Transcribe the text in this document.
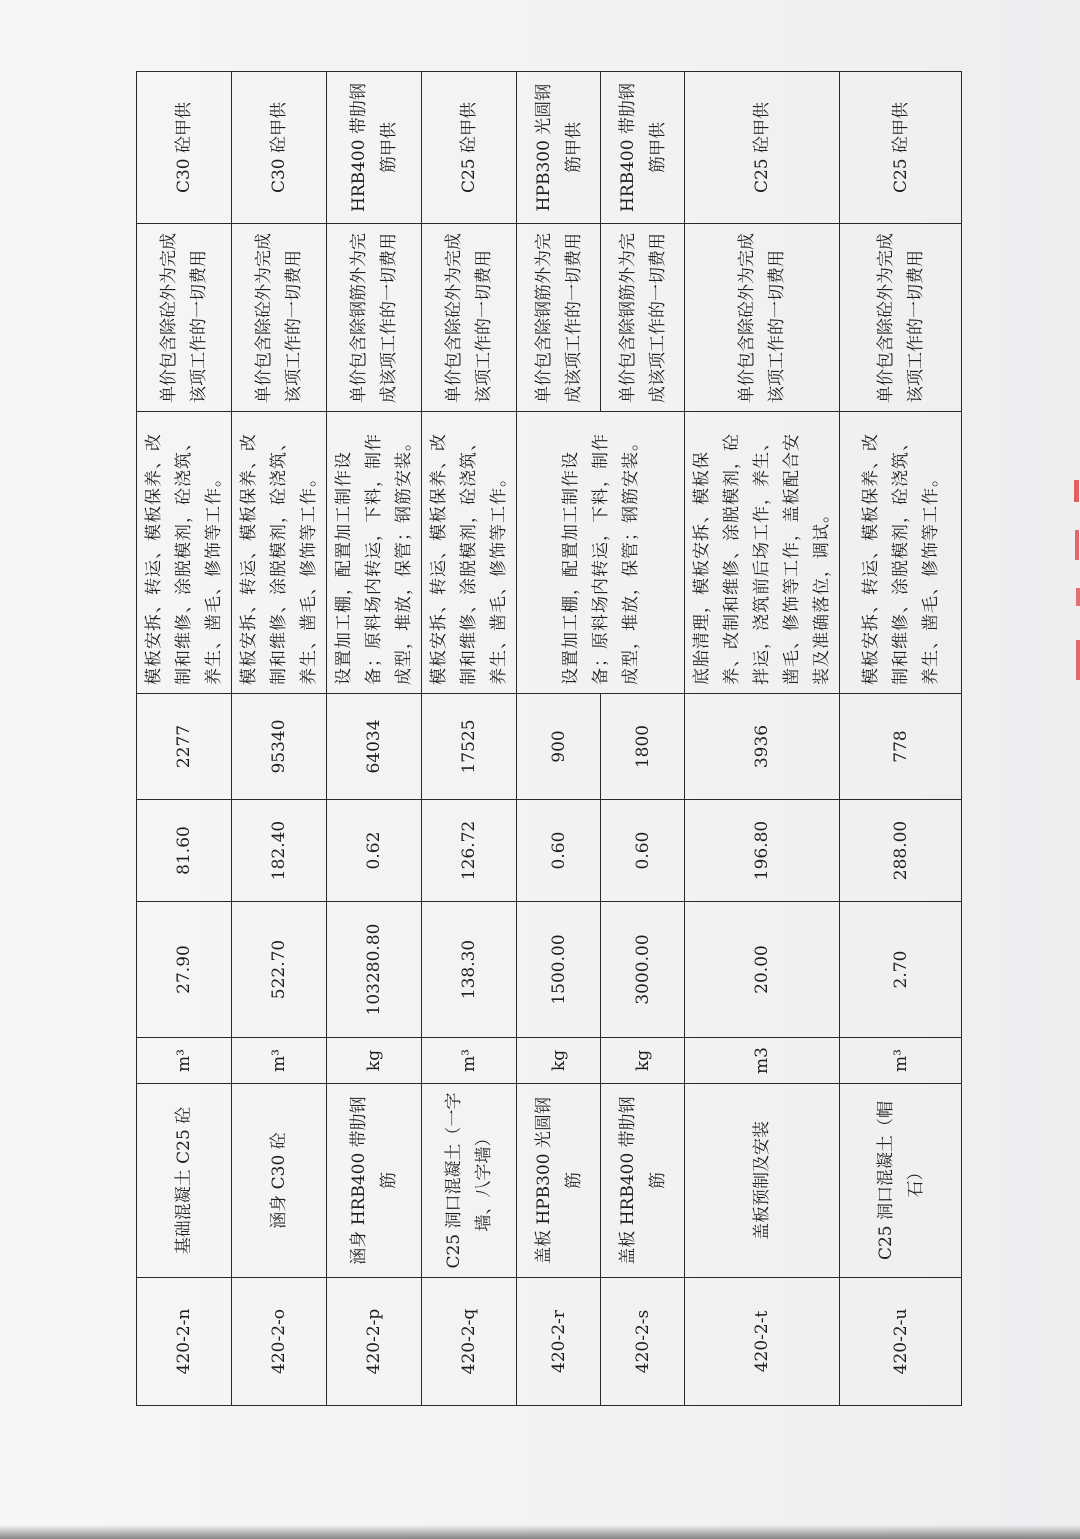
420-2-n	基础混凝土 C25 砼	m³	27.90	81.60	2277	模板安拆、转运、模板保养、改制和维修、涂脱模剂，砼浇筑、养生、凿毛、修饰等工作。	单价包含除砼外为完成该项工作的一切费用	C30 砼甲供
420-2-o	涵身 C30 砼	m³	522.70	182.40	95340	模板安拆、转运、模板保养、改制和维修、涂脱模剂，砼浇筑、养生、凿毛、修饰等工作。	单价包含除砼外为完成该项工作的一切费用	C30 砼甲供
420-2-p	涵身 HRB400 带肋钢筋	kg	103280.80	0.62	64034	设置加工棚，配置加工制作设备；原料场内转运，下料，制作成型，堆放，保管；钢筋安装。	单价包含除钢筋外为完成该项工作的一切费用	HRB400 带肋钢筋甲供
420-2-q	C25 洞口混凝土（一字墙、八字墙）	m³	138.30	126.72	17525	模板安拆、转运、模板保养、改制和维修、涂脱模剂，砼浇筑、养生、凿毛、修饰等工作。	单价包含除砼外为完成该项工作的一切费用	C25 砼甲供
420-2-r	盖板 HPB300 光圆钢筋	kg	1500.00	0.60	900	设置加工棚，配置加工制作设备；原料场内转运，下料，制作成型，堆放，保管；钢筋安装。	单价包含除钢筋外为完成该项工作的一切费用	HPB300 光圆钢筋甲供
420-2-s	盖板 HRB400 带肋钢筋	kg	3000.00	0.60	1800		单价包含除钢筋外为完成该项工作的一切费用	HRB400 带肋钢筋甲供
420-2-t	盖板预制及安装	m3	20.00	196.80	3936	底胎清理，模板安拆、模板保养、改制和维修、涂脱模剂，砼拌运，浇筑前后场工作，养生、凿毛、修饰等工作，盖板配合安装及准确落位，调试。	单价包含除砼外为完成该项工作的一切费用	C25 砼甲供
420-2-u	C25 洞口混凝土（帽石）	m³	2.70	288.00	778	模板安拆、转运、模板保养、改制和维修、涂脱模剂，砼浇筑、养生、凿毛、修饰等工作。	单价包含除砼外为完成该项工作的一切费用	C25 砼甲供
